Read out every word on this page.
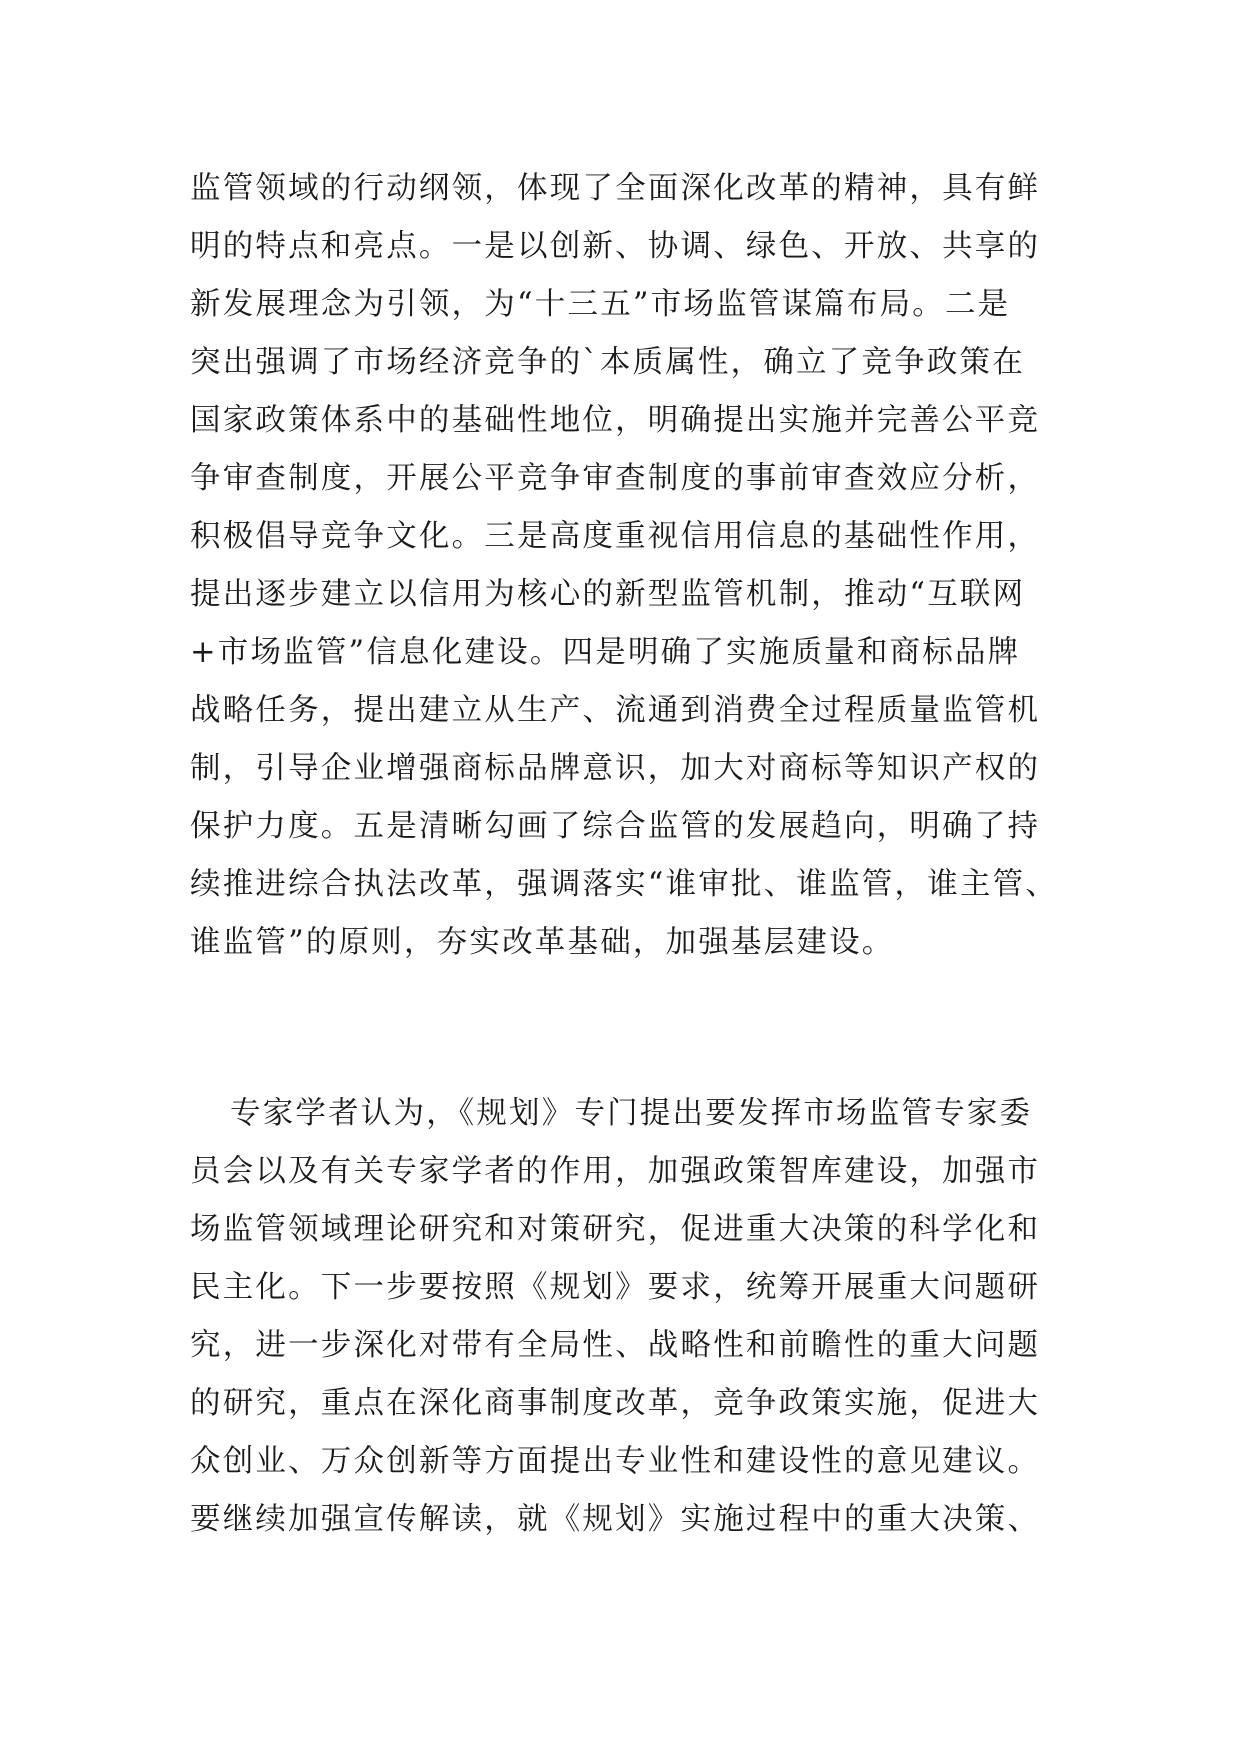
监管领域的行动纲领，体现了全面深化改革的精神，具有鲜
明的特点和亮点。一是以创新、协调、绿色、开放、共享的
新发展理念为引领，为“十三五”市场监管谋篇布局。二是
突出强调了市场经济竞争的`本质属性，确立了竞争政策在
国家政策体系中的基础性地位，明确提出实施并完善公平竞
争审查制度，开展公平竞争审查制度的事前审查效应分析，
积极倡导竞争文化。三是高度重视信用信息的基础性作用，
提出逐步建立以信用为核心的新型监管机制，推动“互联网
+市场监管”信息化建设。四是明确了实施质量和商标品牌
战略任务，提出建立从生产、流通到消费全过程质量监管机
制，引导企业增强商标品牌意识，加大对商标等知识产权的
保护力度。五是清晰勾画了综合监管的发展趋向，明确了持
续推进综合执法改革，强调落实“谁审批、谁监管，谁主管、
谁监管”的原则，夯实改革基础，加强基层建设。
专家学者认为，《规划》专门提出要发挥市场监管专家委
员会以及有关专家学者的作用，加强政策智库建设，加强市
场监管领域理论研究和对策研究，促进重大决策的科学化和
民主化。下一步要按照《规划》要求，统筹开展重大问题研
究，进一步深化对带有全局性、战略性和前瞻性的重大问题
的研究，重点在深化商事制度改革，竞争政策实施，促进大
众创业、万众创新等方面提出专业性和建设性的意见建议。
要继续加强宣传解读，就《规划》实施过程中的重大决策、
